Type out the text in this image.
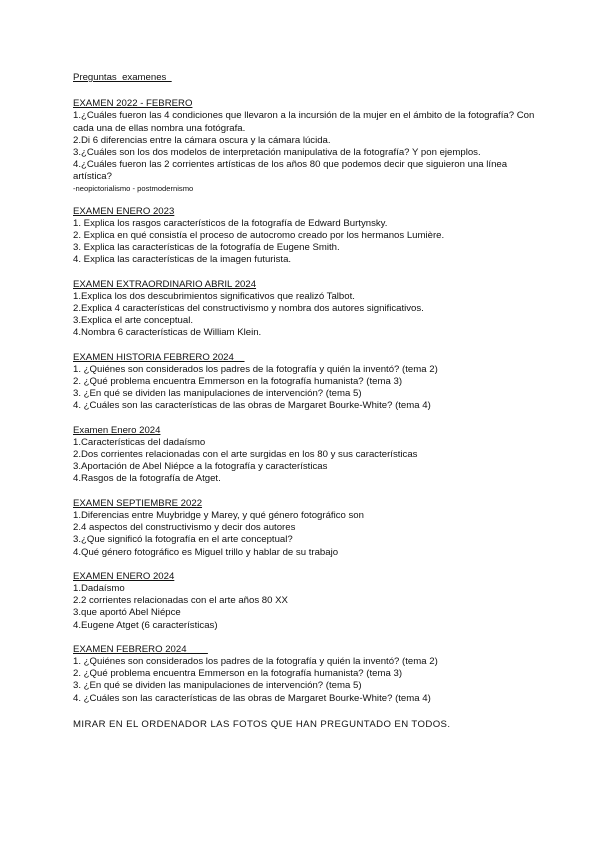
Preguntas  examenes

EXAMEN 2022 - FEBRERO

1.¿Cuáles fueron las 4 condiciones que llevaron a la incursión de la mujer en el ámbito de la fotografía? Con cada una de ellas nombra una fotógrafa.

2.Di 6 diferencias entre la cámara oscura y la cámara lúcida.

3.¿Cuáles son los dos modelos de interpretación manipulativa de la fotografía? Y pon ejemplos.

4.¿Cuáles fueron las 2 corrientes artísticas de los años 80 que podemos decir que siguieron una línea artística?

-neopictorialismo - postmodernismo

EXAMEN ENERO 2023

1. Explica los rasgos característicos de la fotografía de Edward Burtynsky.

2. Explica en qué consistía el proceso de autocromo creado por los hermanos Lumière.

3. Explica las características de la fotografía de Eugene Smith.

4. Explica las características de la imagen futurista.

EXAMEN EXTRAORDINARIO ABRIL 2024

1.Explica los dos descubrimientos significativos que realizó Talbot.

2.Explica 4 características del constructivismo y nombra dos autores significativos.

3.Explica el arte conceptual.

4.Nombra 6 características de William Klein.

EXAMEN HISTORIA FEBRERO 2024

1. ¿Quiénes son considerados los padres de la fotografía y quién la inventó? (tema 2)

2. ¿Qué problema encuentra Emmerson en la fotografía humanista? (tema 3)

3. ¿En qué se dividen las manipulaciones de intervención? (tema 5)

4. ¿Cuáles son las características de las obras de Margaret Bourke-White? (tema 4)

Examen Enero 2024

1.Características del dadaísmo

2.Dos corrientes relacionadas con el arte surgidas en los 80 y sus características

3.Aportación de Abel Niépce a la fotografía y características

4.Rasgos de la fotografía de Atget.

EXAMEN SEPTIEMBRE 2022

1.Diferencias entre Muybridge y Marey, y qué género fotográfico son

2.4 aspectos del constructivismo y decir dos autores

3.¿Que significó la fotografía en el arte conceptual?

4.Qué género fotográfico es Miguel trillo y hablar de su trabajo

EXAMEN ENERO 2024

1.Dadaísmo

2.2 corrientes relacionadas con el arte años 80 XX

3.que aportó Abel Niépce

4.Eugene Atget (6 características)

EXAMEN FEBRERO 2024

1. ¿Quiénes son considerados los padres de la fotografía y quién la inventó? (tema 2)

2. ¿Qué problema encuentra Emmerson en la fotografía humanista? (tema 3)

3. ¿En qué se dividen las manipulaciones de intervención? (tema 5)

4. ¿Cuáles son las características de las obras de Margaret Bourke-White? (tema 4)

MIRAR EN EL ORDENADOR LAS FOTOS QUE HAN PREGUNTADO EN TODOS.
